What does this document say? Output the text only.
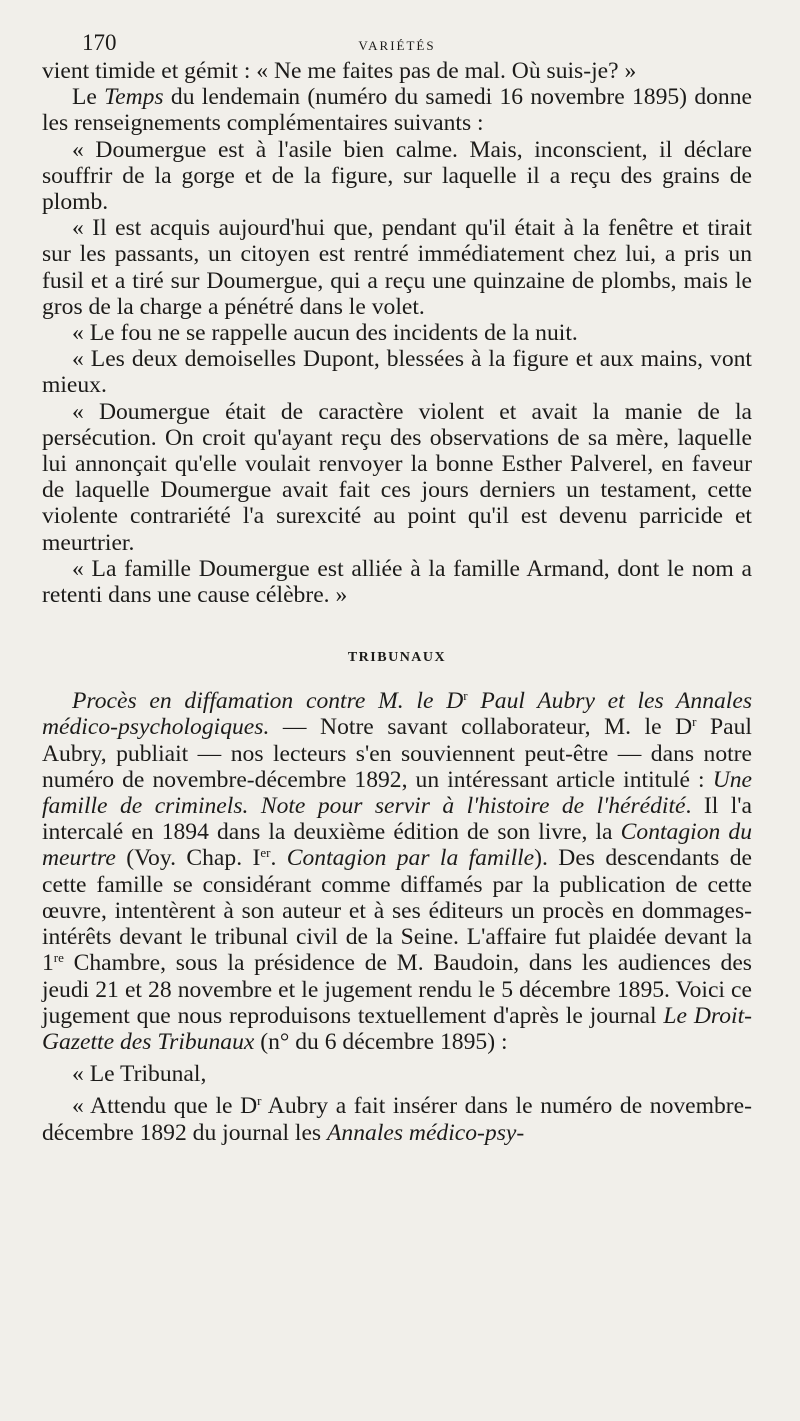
170	VARIÉTÉS

vient timide et gémit : « Ne me faites pas de mal. Où suis-je? »

Le Temps du lendemain (numéro du samedi 16 novembre 1895) donne les renseignements complémentaires suivants :

« Doumergue est à l'asile bien calme. Mais, inconscient, il déclare souffrir de la gorge et de la figure, sur laquelle il a reçu des grains de plomb.

« Il est acquis aujourd'hui que, pendant qu'il était à la fenêtre et tirait sur les passants, un citoyen est rentré immédiatement chez lui, a pris un fusil et a tiré sur Doumergue, qui a reçu une quinzaine de plombs, mais le gros de la charge a pénétré dans le volet.

« Le fou ne se rappelle aucun des incidents de la nuit.

« Les deux demoiselles Dupont, blessées à la figure et aux mains, vont mieux.

« Doumergue était de caractère violent et avait la manie de la persécution. On croit qu'ayant reçu des observations de sa mère, laquelle lui annonçait qu'elle voulait renvoyer la bonne Esther Palverel, en faveur de laquelle Doumergue avait fait ces jours derniers un testament, cette violente contrariété l'a surexcité au point qu'il est devenu parricide et meurtrier.

« La famille Doumergue est alliée à la famille Armand, dont le nom a retenti dans une cause célèbre. »

TRIBUNAUX

Procès en diffamation contre M. le $D^r$ Paul Aubry et les Annales médico-psychologiques. — Notre savant collaborateur, M. le $D^r$ Paul Aubry, publiait — nos lecteurs s'en souviennent peut-être — dans notre numéro de novembre-décembre 1892, un intéressant article intitulé : Une famille de criminels. Note pour servir à l'histoire de l'hérédité. Il l'a intercalé en 1894 dans la deuxième édition de son livre, la Contagion du meurtre (Voy. Chap. Ier. Contagion par la famille). Des descendants de cette famille se considérant comme diffamés par la publication de cette œuvre, intentèrent à son auteur et à ses éditeurs un procès en dommages-intérêts devant le tribunal civil de la Seine. L'affaire fut plaidée devant la 1re Chambre, sous la présidence de M. Baudoin, dans les audiences des jeudi 21 et 28 novembre et le jugement rendu le 5 décembre 1895. Voici ce jugement que nous reproduisons textuellement d'après le journal Le Droit-Gazette des Tribunaux (n° du 6 décembre 1895) :

« Le Tribunal,

« Attendu que le $D^r$ Aubry a fait insérer dans le numéro de novembre-décembre 1892 du journal les Annales médico-psy-
